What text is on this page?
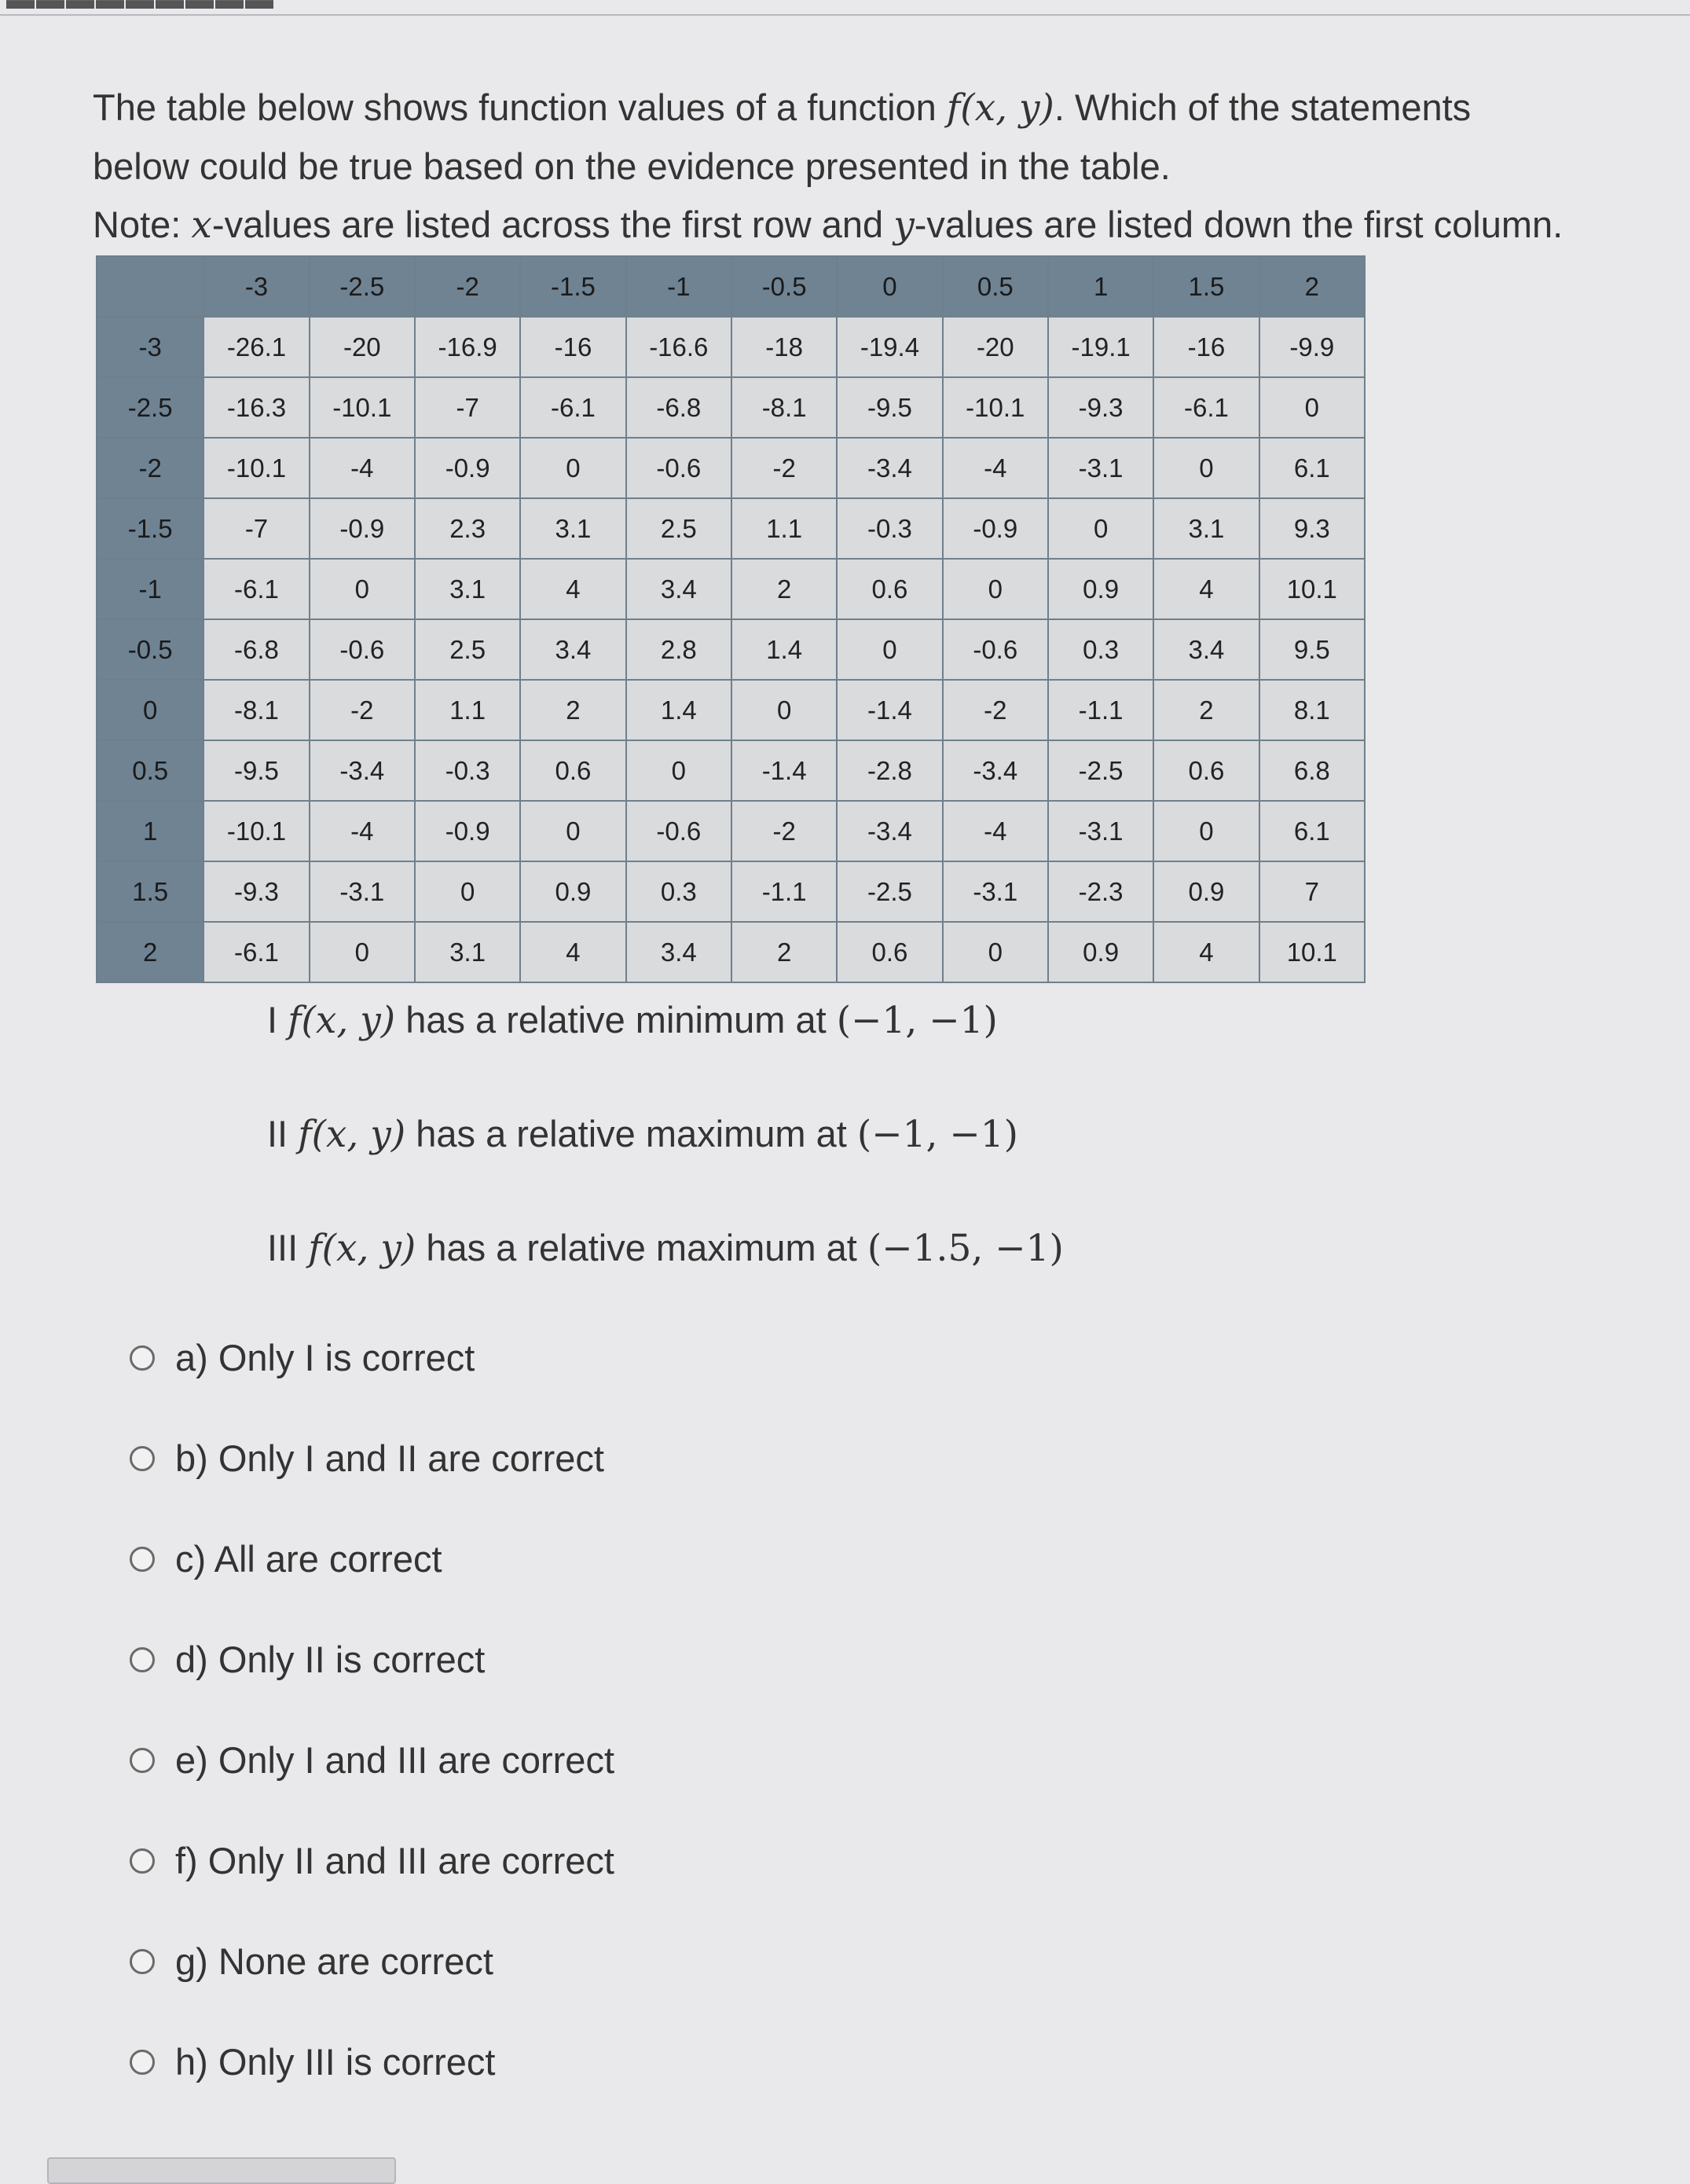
The table below shows function values of a function f(x, y). Which of the statements

below could be true based on the evidence presented in the table.

Note: x-values are listed across the first row and y-values are listed down the first column.

	-3	-2.5	-2	-1.5	-1	-0.5	0	0.5	1	1.5	2
-3	-26.1	-20	-16.9	-16	-16.6	-18	-19.4	-20	-19.1	-16	-9.9
-2.5	-16.3	-10.1	-7	-6.1	-6.8	-8.1	-9.5	-10.1	-9.3	-6.1	0
-2	-10.1	-4	-0.9	0	-0.6	-2	-3.4	-4	-3.1	0	6.1
-1.5	-7	-0.9	2.3	3.1	2.5	1.1	-0.3	-0.9	0	3.1	9.3
-1	-6.1	0	3.1	4	3.4	2	0.6	0	0.9	4	10.1
-0.5	-6.8	-0.6	2.5	3.4	2.8	1.4	0	-0.6	0.3	3.4	9.5
0	-8.1	-2	1.1	2	1.4	0	-1.4	-2	-1.1	2	8.1
0.5	-9.5	-3.4	-0.3	0.6	0	-1.4	-2.8	-3.4	-2.5	0.6	6.8
1	-10.1	-4	-0.9	0	-0.6	-2	-3.4	-4	-3.1	0	6.1
1.5	-9.3	-3.1	0	0.9	0.3	-1.1	-2.5	-3.1	-2.3	0.9	7
2	-6.1	0	3.1	4	3.4	2	0.6	0	0.9	4	10.1
I f(x, y) has a relative minimum at (−1, −1)
II f(x, y) has a relative maximum at (−1, −1)
III f(x, y) has a relative maximum at (−1.5, −1)
a) Only I is correct
b) Only I and II are correct
c) All are correct
d) Only II is correct
e) Only I and III are correct
f) Only II and III are correct
g) None are correct
h) Only III is correct
